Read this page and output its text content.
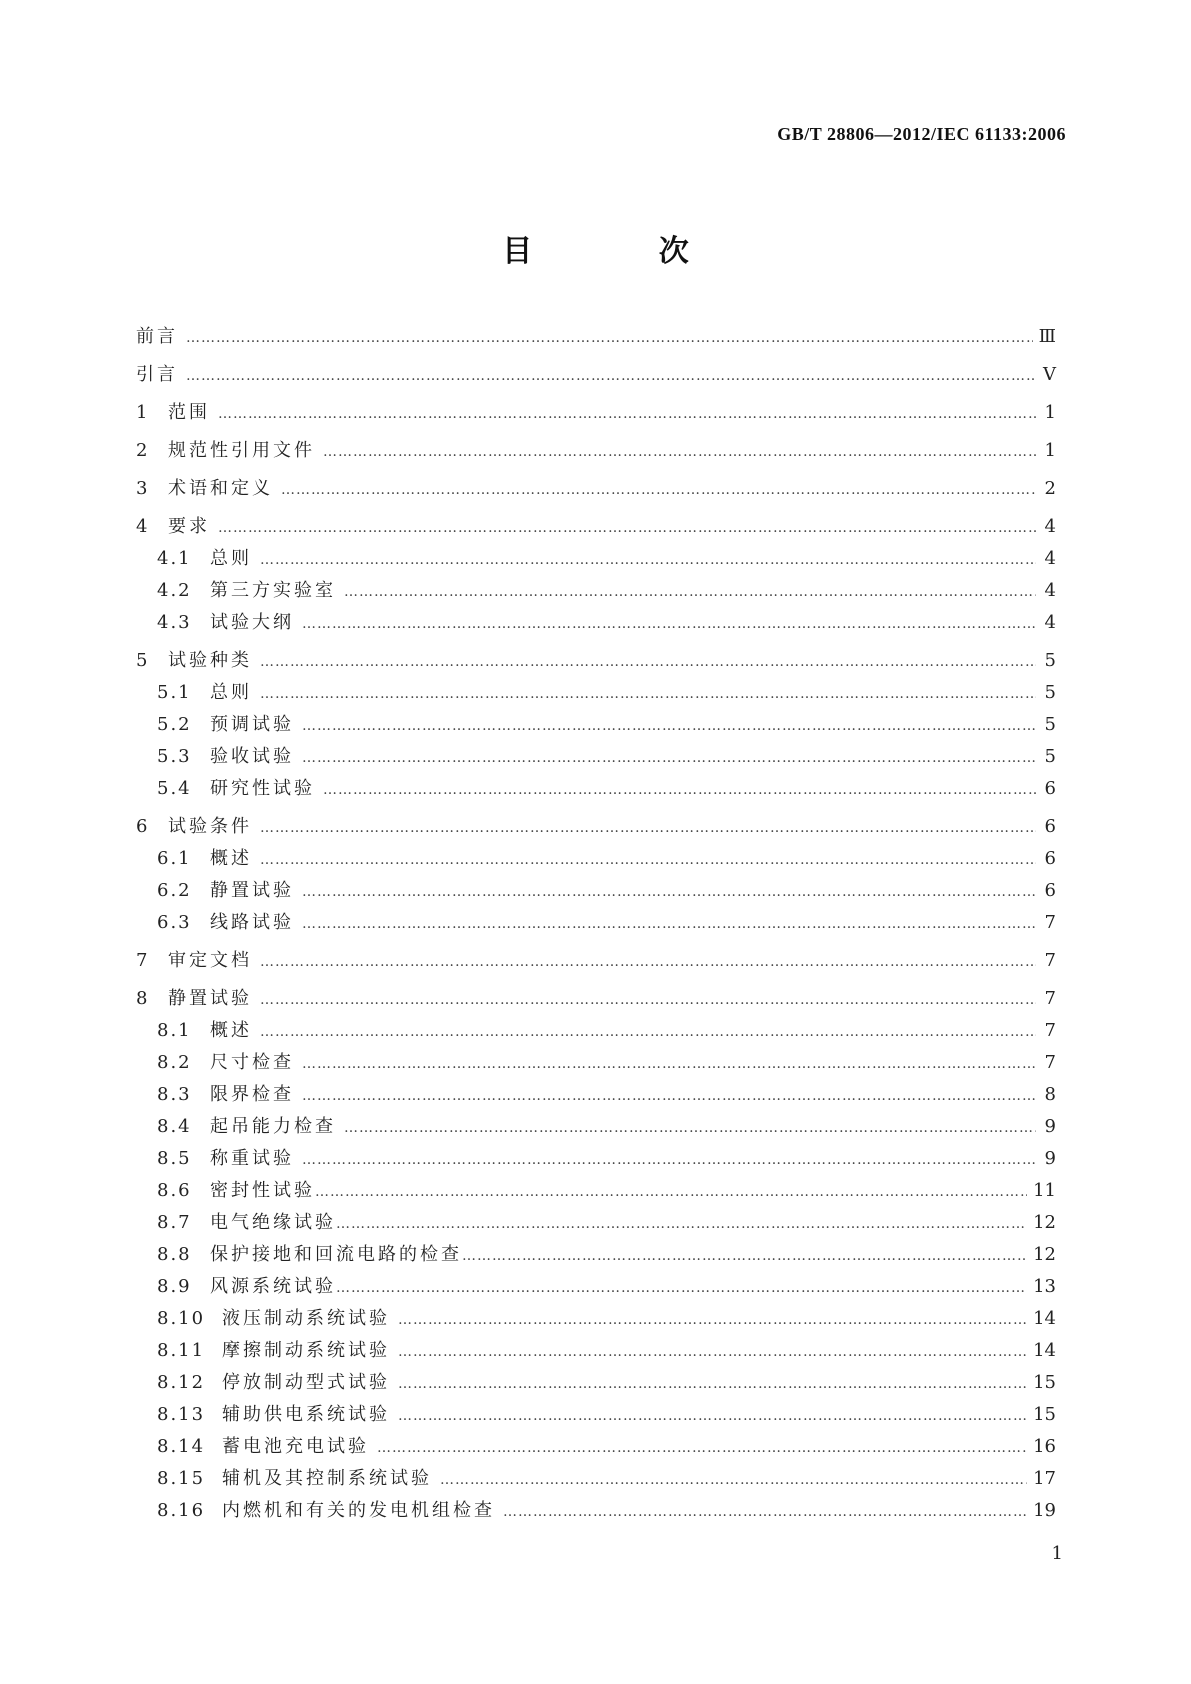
GB/T 28806—2012/IEC 61133:2006
目 次
前言 ……………………………………………………………………………………………………………………………………………………………………………………	Ⅲ
引言 ……………………………………………………………………………………………………………………………………………………………………………………	Ⅴ
1	范围 ……………………………………………………………………………………………………………………………………………………………………………………	1
2	规范性引用文件 ……………………………………………………………………………………………………………………………………………………………………………………	1
3	术语和定义 ……………………………………………………………………………………………………………………………………………………………………………………	2
4	要求 ……………………………………………………………………………………………………………………………………………………………………………………	4
4.1	总则 ……………………………………………………………………………………………………………………………………………………………………………………	4
4.2	第三方实验室 ……………………………………………………………………………………………………………………………………………………………………………………	4
4.3	试验大纲 ……………………………………………………………………………………………………………………………………………………………………………………	4
5	试验种类 ……………………………………………………………………………………………………………………………………………………………………………………	5
5.1	总则 ……………………………………………………………………………………………………………………………………………………………………………………	5
5.2	预调试验 ……………………………………………………………………………………………………………………………………………………………………………………	5
5.3	验收试验 ……………………………………………………………………………………………………………………………………………………………………………………	5
5.4	研究性试验 ……………………………………………………………………………………………………………………………………………………………………………………	6
6	试验条件 ……………………………………………………………………………………………………………………………………………………………………………………	6
6.1	概述 ……………………………………………………………………………………………………………………………………………………………………………………	6
6.2	静置试验 ……………………………………………………………………………………………………………………………………………………………………………………	6
6.3	线路试验 ……………………………………………………………………………………………………………………………………………………………………………………	7
7	审定文档 ……………………………………………………………………………………………………………………………………………………………………………………	7
8	静置试验 ……………………………………………………………………………………………………………………………………………………………………………………	7
8.1	概述 ……………………………………………………………………………………………………………………………………………………………………………………	7
8.2	尺寸检查 ……………………………………………………………………………………………………………………………………………………………………………………	7
8.3	限界检查 ……………………………………………………………………………………………………………………………………………………………………………………	8
8.4	起吊能力检查 ……………………………………………………………………………………………………………………………………………………………………………………	9
8.5	称重试验 ……………………………………………………………………………………………………………………………………………………………………………………	9
8.6	密封性试验 ……………………………………………………………………………………………………………………………………………………………………………………	11
8.7	电气绝缘试验 ……………………………………………………………………………………………………………………………………………………………………………………	12
8.8	保护接地和回流电路的检查 ……………………………………………………………………………………………………………………………………………………………………………………	12
8.9	风源系统试验 ……………………………………………………………………………………………………………………………………………………………………………………	13
8.10 液压制动系统试验 ……………………………………………………………………………………………………………………………………………………………………………………	14
8.11 摩擦制动系统试验 ……………………………………………………………………………………………………………………………………………………………………………………	14
8.12 停放制动型式试验 ……………………………………………………………………………………………………………………………………………………………………………………	15
8.13 辅助供电系统试验 ……………………………………………………………………………………………………………………………………………………………………………………	15
8.14 蓄电池充电试验 ……………………………………………………………………………………………………………………………………………………………………………………	16
8.15 辅机及其控制系统试验 ……………………………………………………………………………………………………………………………………………………………………………………	17
8.16 内燃机和有关的发电机组检查 ……………………………………………………………………………………………………………………………………………………………………………………	19
1
